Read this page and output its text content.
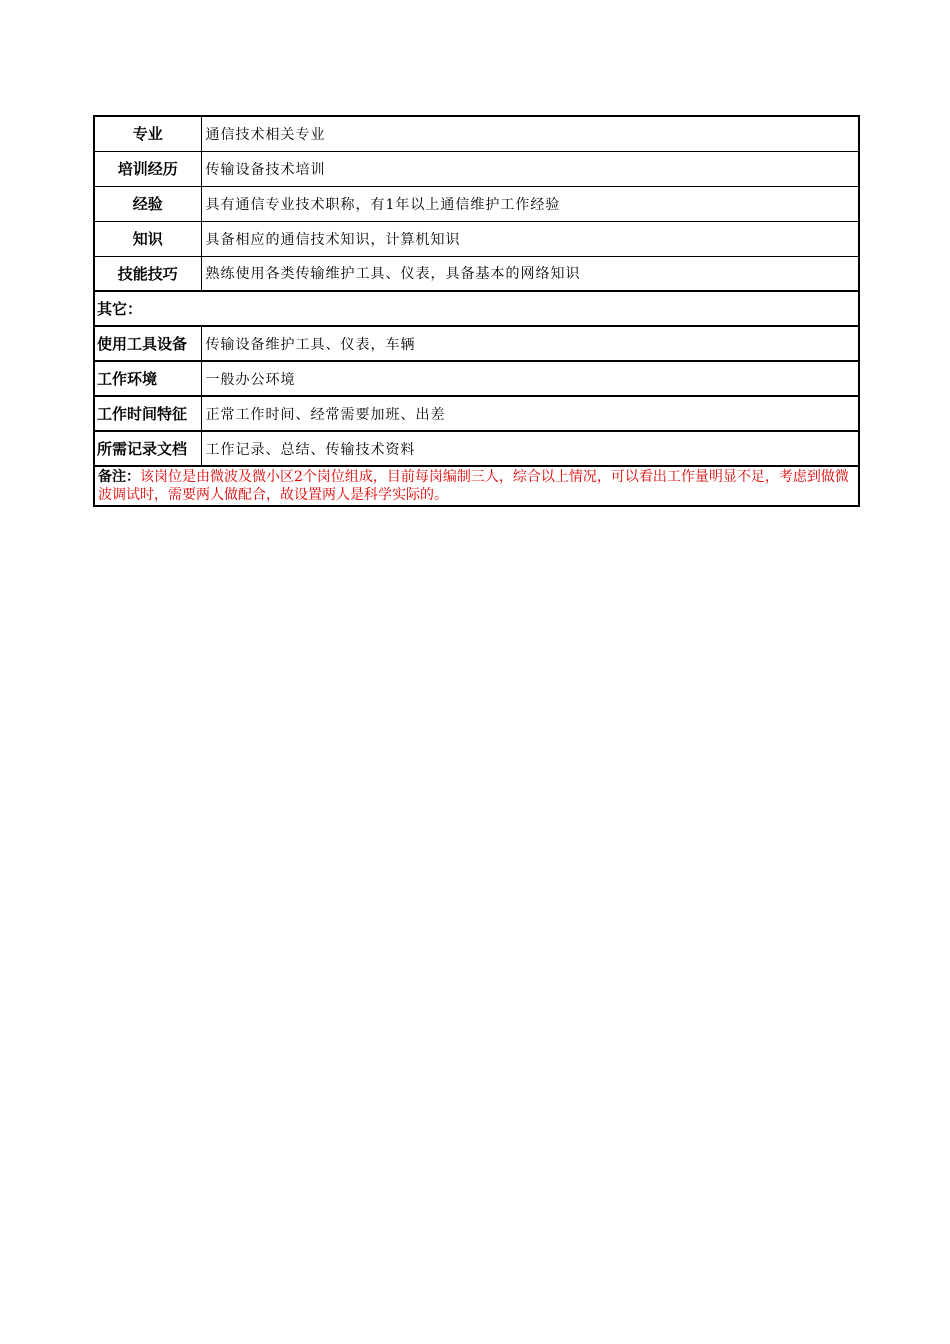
专业	通信技术相关专业
培训经历	传输设备技术培训
经验	具有通信专业技术职称，有1年以上通信维护工作经验
知识	具备相应的通信技术知识，计算机知识
技能技巧	熟练使用各类传输维护工具、仪表，具备基本的网络知识
其它：	
使用工具设备	传输设备维护工具、仪表，车辆
工作环境	一般办公环境
工作时间特征	正常工作时间、经常需要加班、出差
所需记录文档	工作记录、总结、传输技术资料
备注：该岗位是由微波及微小区2个岗位组成，目前每岗编制三人，综合以上情况，可以看出工作量明显不足，考虑到做微波调试时，需要两人做配合，故设置两人是科学实际的。	
